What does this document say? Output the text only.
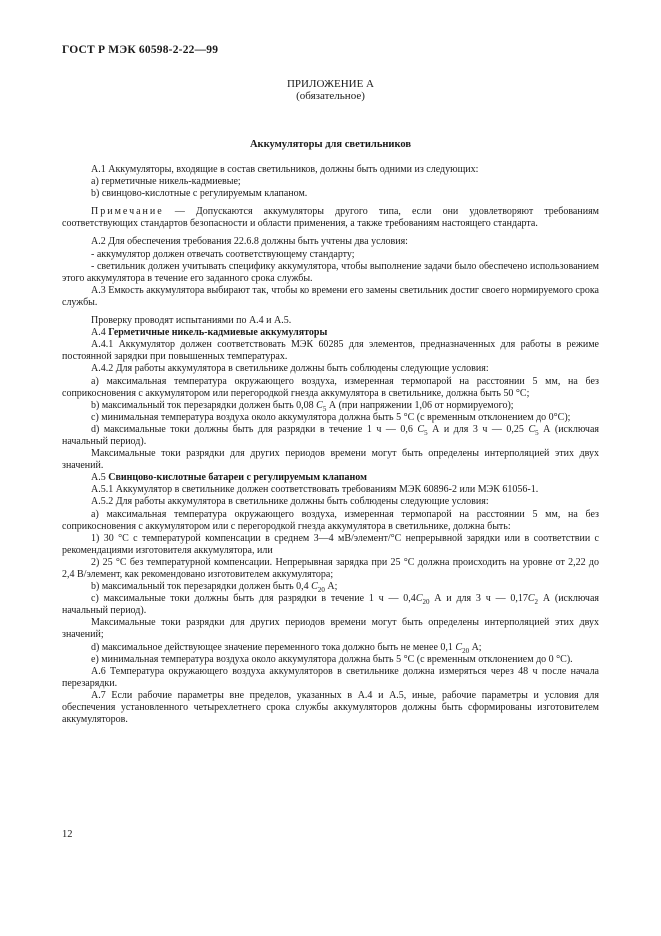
ГОСТ Р МЭК 60598-2-22—99
ПРИЛОЖЕНИЕ А
(обязательное)
Аккумуляторы для светильников

А.1 Аккумуляторы, входящие в состав светильников, должны быть одними из следующих:

а) герметичные никель-кадмиевые;

b) свинцово-кислотные с регулируемым клапаном.

Примечание — Допускаются аккумуляторы другого типа, если они удовлетворяют требованиям соответствующих стандартов безопасности и области применения, а также требованиям настоящего стандарта.

А.2 Для обеспечения требования 22.6.8 должны быть учтены два условия:

- аккумулятор должен отвечать соответствующему стандарту;

- светильник должен учитывать специфику аккумулятора, чтобы выполнение задачи было обеспечено использованием этого аккумулятора в течение его заданного срока службы.

А.3 Емкость аккумулятора выбирают так, чтобы ко времени его замены светильник достиг своего нормируемого срока службы.

Проверку проводят испытаниями по А.4 и А.5.

А.4 Герметичные никель-кадмиевые аккумуляторы

А.4.1 Аккумулятор должен соответствовать МЭК 60285 для элементов, предназначенных для работы в режиме постоянной зарядки при повышенных температурах.

А.4.2 Для работы аккумулятора в светильнике должны быть соблюдены следующие условия:

а) максимальная температура окружающего воздуха, измеренная термопарой на расстоянии 5 мм, на без соприкосновения с аккумулятором или перегородкой гнезда аккумулятора в светильнике, должна быть 50 °С;

b) максимальный ток перезарядки должен быть 0,08 $C_5$ А (при напряжении 1,06 от нормируемого);

с) минимальная температура воздуха около аккумулятора должна быть 5 °С (с временным отклонением до 0°С);

d) максимальные токи должны быть для разрядки в течение 1 ч — 0,6 $C_5$ А и для 3 ч — 0,25 $C_5$ А (исключая начальный период).

Максимальные токи разрядки для других периодов времени могут быть определены интерполяцией этих двух значений.

А.5 Свинцово-кислотные батареи с регулируемым клапаном

А.5.1 Аккумулятор в светильнике должен соответствовать требованиям МЭК 60896-2 или МЭК 61056-1.

А.5.2 Для работы аккумулятора в светильнике должны быть соблюдены следующие условия:

а) максимальная температура окружающего воздуха, измеренная термопарой на расстоянии 5 мм, на без соприкосновения с аккумулятором или с перегородкой гнезда аккумулятора в светильнике, должна быть:

1) 30 °С с температурой компенсации в среднем 3—4 мВ/элемент/°С непрерывной зарядки или в соответствии с рекомендациями изготовителя аккумулятора, или

2) 25 °С без температурной компенсации. Непрерывная зарядка при 25 °С должна происходить на уровне от 2,22 до 2,4 В/элемент, как рекомендовано изготовителем аккумулятора;

b) максимальный ток перезарядки должен быть 0,4 $C_{20}$ А;

с) максимальные токи должны быть для разрядки в течение 1 ч — $0,4C_{20}$ А и для 3 ч — $0,17C_2$ А (исключая начальный период).

Максимальные токи разрядки для других периодов времени могут быть определены интерполяцией этих двух значений;

d) максимальное действующее значение переменного тока должно быть не менее 0,1 $C_{20}$ А;

е) минимальная температура воздуха около аккумулятора должна быть 5 °С (с временным отклонением до 0 °С).

А.6 Температура окружающего воздуха аккумуляторов в светильнике должна измеряться через 48 ч после начала перезарядки.

А.7 Если рабочие параметры вне пределов, указанных в А.4 и А.5, иные, рабочие параметры и условия для обеспечения установленного четырехлетнего срока службы аккумуляторов должны быть сформированы изготовителем аккумуляторов.

12
